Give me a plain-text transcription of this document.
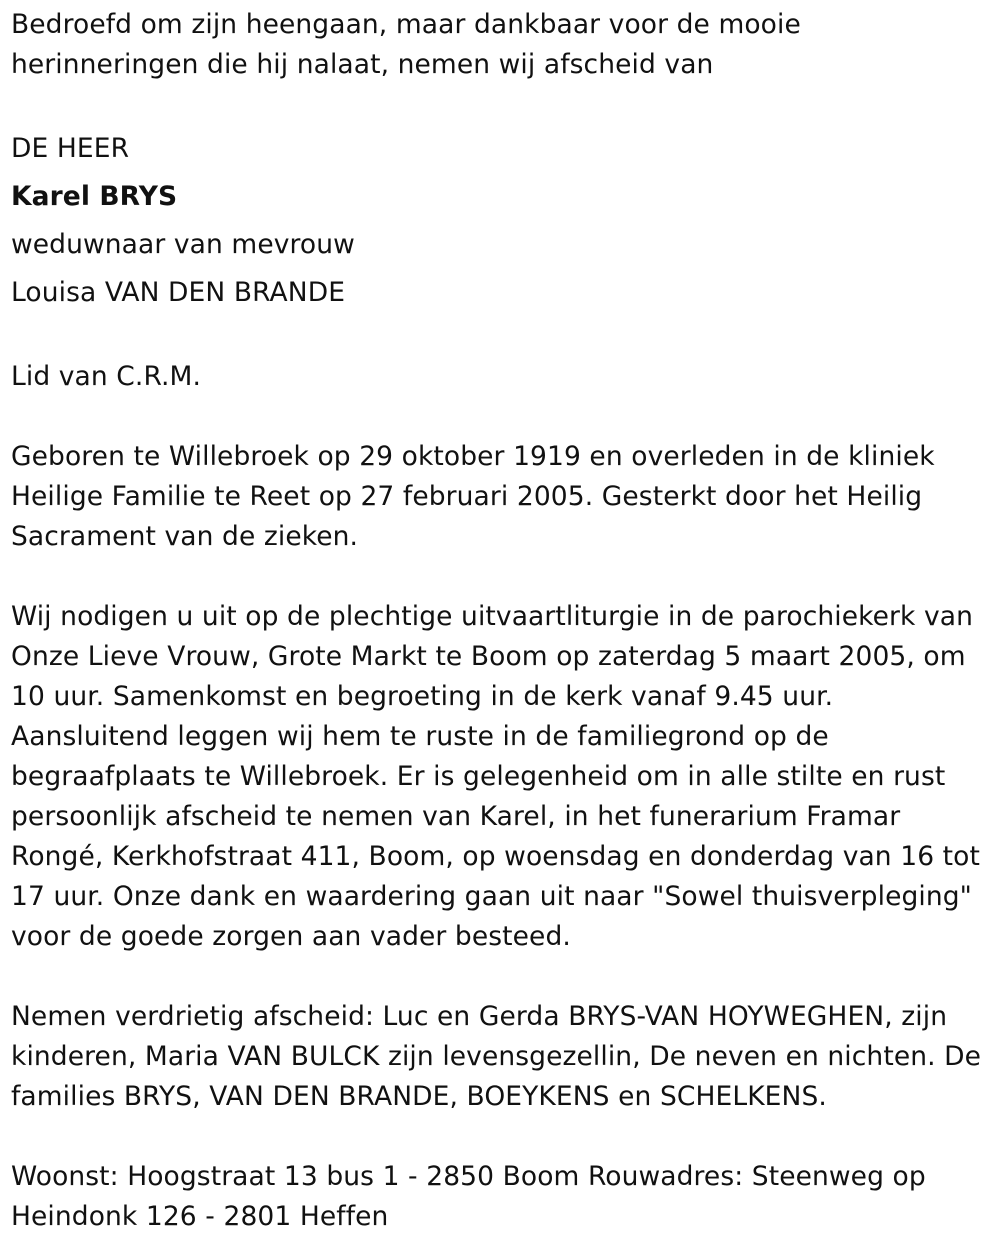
Bedroefd om zijn heengaan, maar dankbaar voor de mooie
herinneringen die hij nalaat, nemen wij afscheid van

DE HEER
Karel BRYS
weduwnaar van mevrouw
Louisa VAN DEN BRANDE

Lid van C.R.M.

Geboren te Willebroek op 29 oktober 1919 en overleden in de kliniek
Heilige Familie te Reet op 27 februari 2005. Gesterkt door het Heilig
Sacrament van de zieken.

Wij nodigen u uit op de plechtige uitvaartliturgie in de parochiekerk van
Onze Lieve Vrouw, Grote Markt te Boom op zaterdag 5 maart 2005, om
10 uur. Samenkomst en begroeting in de kerk vanaf 9.45 uur.
Aansluitend leggen wij hem te ruste in de familiegrond op de
begraafplaats te Willebroek. Er is gelegenheid om in alle stilte en rust
persoonlijk afscheid te nemen van Karel, in het funerarium Framar
Rongé, Kerkhofstraat 411, Boom, op woensdag en donderdag van 16 tot
17 uur. Onze dank en waardering gaan uit naar "Sowel thuisverpleging"
voor de goede zorgen aan vader besteed.

Nemen verdrietig afscheid: Luc en Gerda BRYS-VAN HOYWEGHEN, zijn
kinderen, Maria VAN BULCK zijn levensgezellin, De neven en nichten. De
families BRYS, VAN DEN BRANDE, BOEYKENS en SCHELKENS.

Woonst: Hoogstraat 13 bus 1 - 2850 Boom Rouwadres: Steenweg op
Heindonk 126 - 2801 Heffen
